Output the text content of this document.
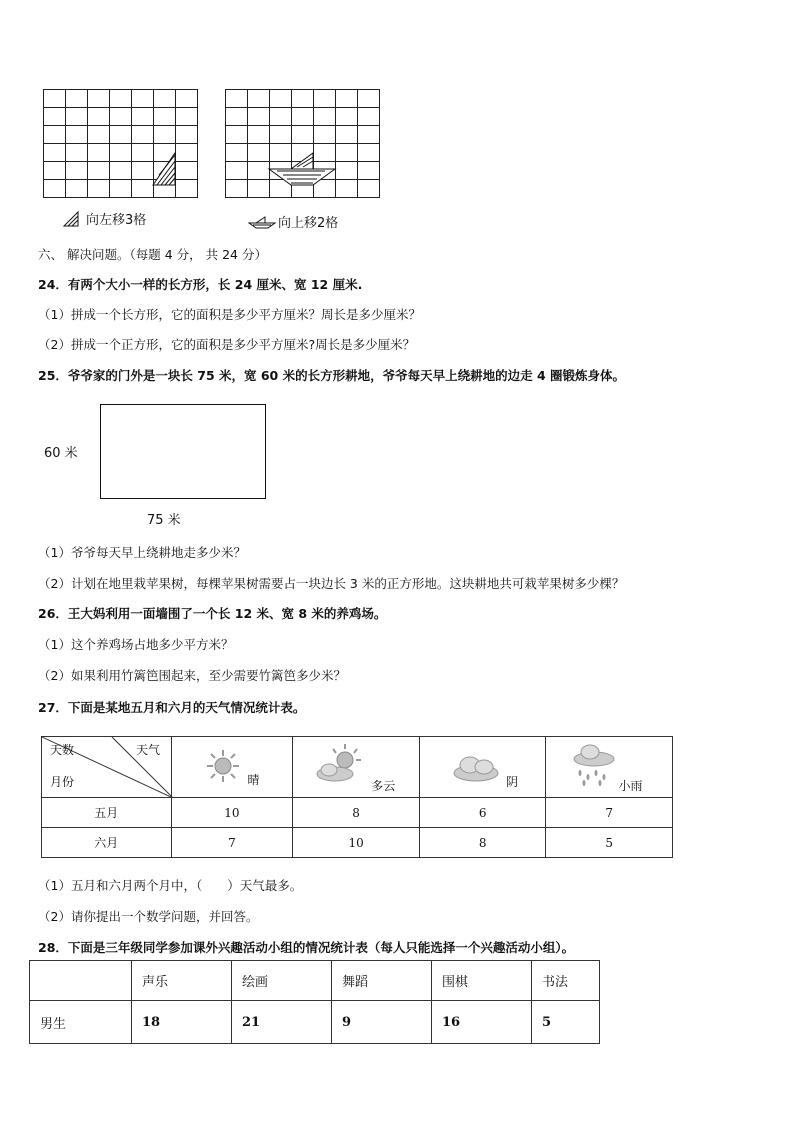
向左移3格	向上移2格
六、 解决问题。（每题 4 分， 共 24 分）
24．有两个大小一样的长方形，长 24 厘米、宽 12 厘米.
（1）拼成一个长方形，它的面积是多少平方厘米？周长是多少厘米？
（2）拼成一个正方形，它的面积是多少平方厘米?周长是多少厘米？
25．爷爷家的门外是一块长 75 米，宽 60 米的长方形耕地，爷爷每天早上绕耕地的边走 4 圈锻炼身体。
60 米
75 米
（1）爷爷每天早上绕耕地走多少米？
（2）计划在地里栽苹果树，每棵苹果树需要占一块边长 3 米的正方形地。这块耕地共可栽苹果树多少棵？
26．王大妈利用一面墙围了一个长 12 米、宽 8 米的养鸡场。
（1）这个养鸡场占地多少平方米？
（2）如果利用竹篱笆围起来，至少需要竹篱笆多少米？
27．下面是某地五月和六月的天气情况统计表。
天数 天气
月份	晴	多云	阴	小雨

五月	10	8	6	7
六月	7	10	8	5
（1）五月和六月两个月中，（　　）天气最多。
（2）请你提出一个数学问题，并回答。
28．下面是三年级同学参加课外兴趣活动小组的情况统计表（每人只能选择一个兴趣活动小组）。
	声乐	绘画	舞蹈	围棋	书法
男生	18	21	9	16	5
